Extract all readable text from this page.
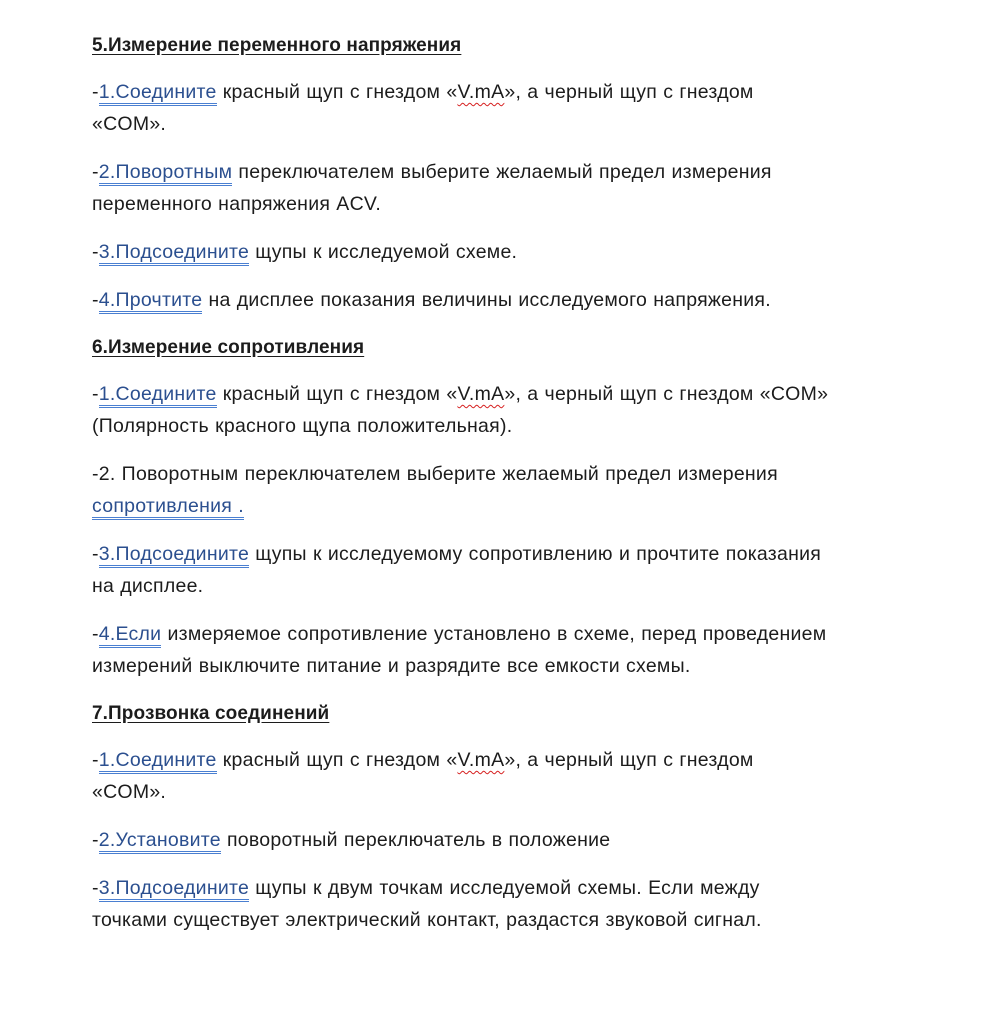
5.Измерение переменного напряжения

-1.Соедините красный щуп с гнездом «V.mA», а черный щуп с гнездом
«COM».

-2.Поворотным переключателем выберите желаемый предел измерения
переменного напряжения ACV.

-3.Подсоедините щупы к исследуемой схеме.

-4.Прочтите на дисплее показания величины исследуемого напряжения.

6.Измерение сопротивления

-1.Соедините красный щуп с гнездом «V.mA», а черный щуп с гнездом «COM»
(Полярность красного щупа положительная).

-2. Поворотным переключателем выберите желаемый предел измерения
сопротивления .

-3.Подсоедините щупы к исследуемому сопротивлению и прочтите показания
на дисплее.

-4.Если измеряемое сопротивление установлено в схеме, перед проведением
измерений выключите питание и разрядите все емкости схемы.

7.Прозвонка соединений

-1.Соедините красный щуп с гнездом «V.mA», а черный щуп с гнездом
«COM».

-2.Установите поворотный переключатель в положение

-3.Подсоедините щупы к двум точкам исследуемой схемы. Если между
точками существует электрический контакт, раздастся звуковой сигнал.
